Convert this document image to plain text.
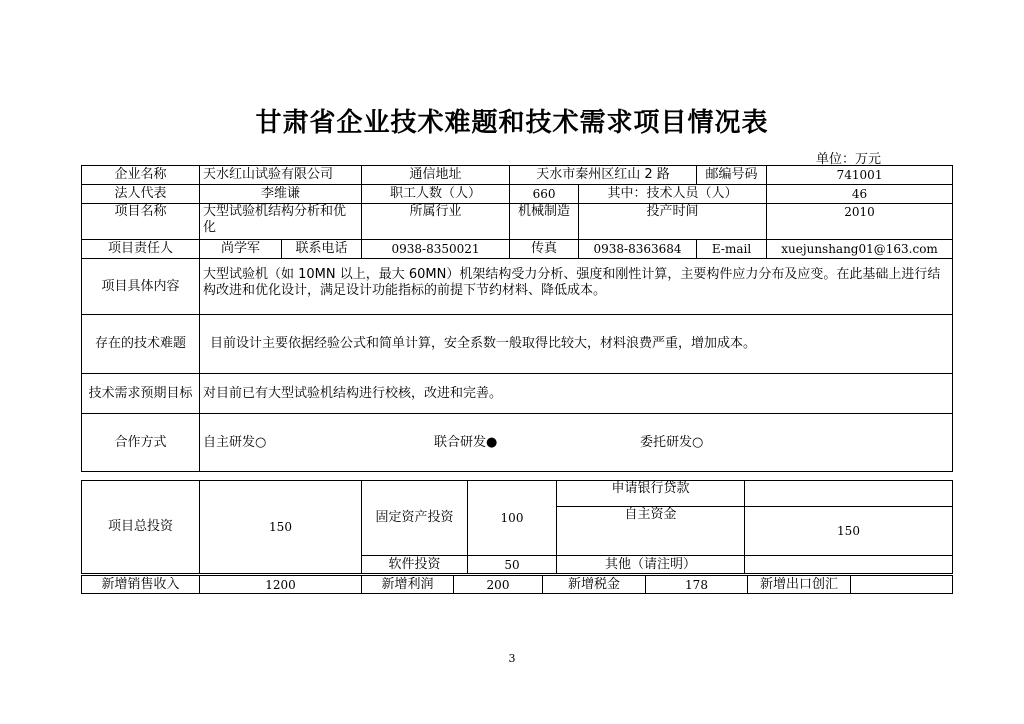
甘肃省企业技术难题和技术需求项目情况表
单位：万元
企业名称	天水红山试验有限公司		通信地址	天水市秦州区红山 2 路		邮编号码	741001
法人代表	李维谦		职工人数（人）	660	其中：技术人员（人）		46
项目名称	大型试验机结构分析和优化		所属行业	机械制造	投产时间		2010
项目责任人	尚学军	联系电话	0938-8350021	传真	0938-8363684	E-mail	xuejunshang01@163.com
项目具体内容	大型试验机（如 10MN 以上，最大 60MN）机架结构受力分析、强度和刚性计算，主要构件应力分布及应变。在此基础上进行结构改进和优化设计，满足设计功能指标的前提下节约材料、降低成本。						
存在的技术难题	目前设计主要依据经验公式和简单计算，安全系数一般取得比较大，材料浪费严重，增加成本。						
技术需求预期目标	对目前已有大型试验机结构进行校核，改进和完善。						
合作方式	自主研发○ 联合研发● 委托研发○						
项目总投资	150	固定资产投资	100	申请银行贷款	
				自主资金	150

		软件投资	50	其他（请注明）	
新增销售收入	1200	新增利润	200	新增税金	178	新增出口创汇	
3
